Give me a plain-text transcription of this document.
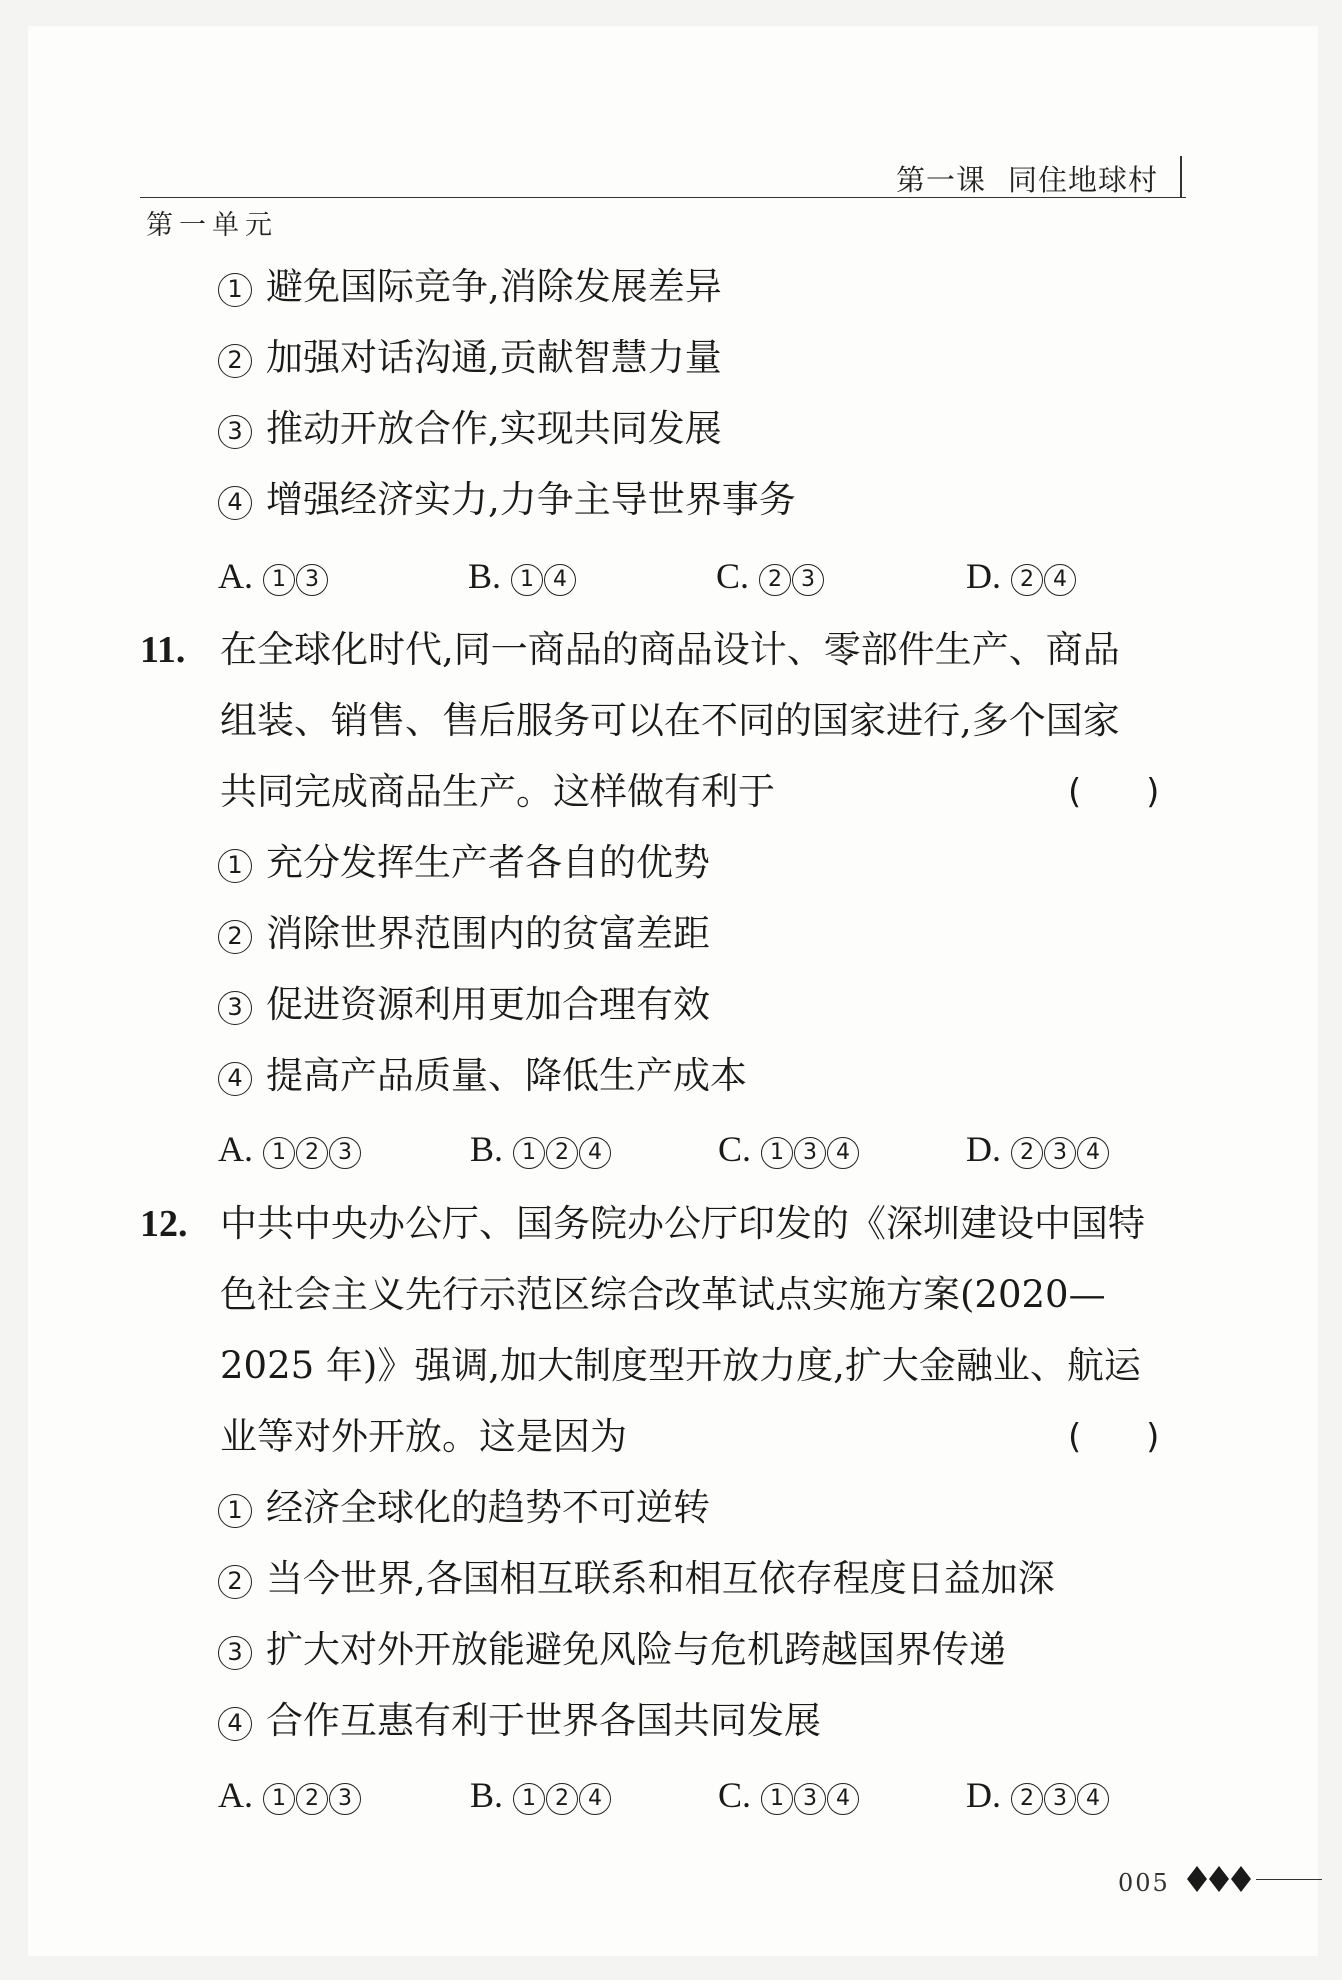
第一课 同住地球村
第一单元
1 避免国际竞争,消除发展差异
2 加强对话沟通,贡献智慧力量
3 推动开放合作,实现共同发展
4 增强经济实力,力争主导世界事务
A. 1 3	B. 1 4	C. 2 3	D. 2 4
11. 在全球化时代,同一商品的商品设计、零部件生产、商品
组装、销售、售后服务可以在不同的国家进行,多个国家
共同完成商品生产。这样做有利于	(      )
1 充分发挥生产者各自的优势
2 消除世界范围内的贫富差距
3 促进资源利用更加合理有效
4 提高产品质量、降低生产成本
A. 1 2 3	B. 1 2 4	C. 1 3 4	D. 2 3 4
12. 中共中央办公厅、国务院办公厅印发的《深圳建设中国特
色社会主义先行示范区综合改革试点实施方案(2020—
2025 年)》强调,加大制度型开放力度,扩大金融业、航运
业等对外开放。这是因为	(      )
1 经济全球化的趋势不可逆转
2 当今世界,各国相互联系和相互依存程度日益加深
3 扩大对外开放能避免风险与危机跨越国界传递
4 合作互惠有利于世界各国共同发展
A. 1 2 3	B. 1 2 4	C. 1 3 4	D. 2 3 4
005
